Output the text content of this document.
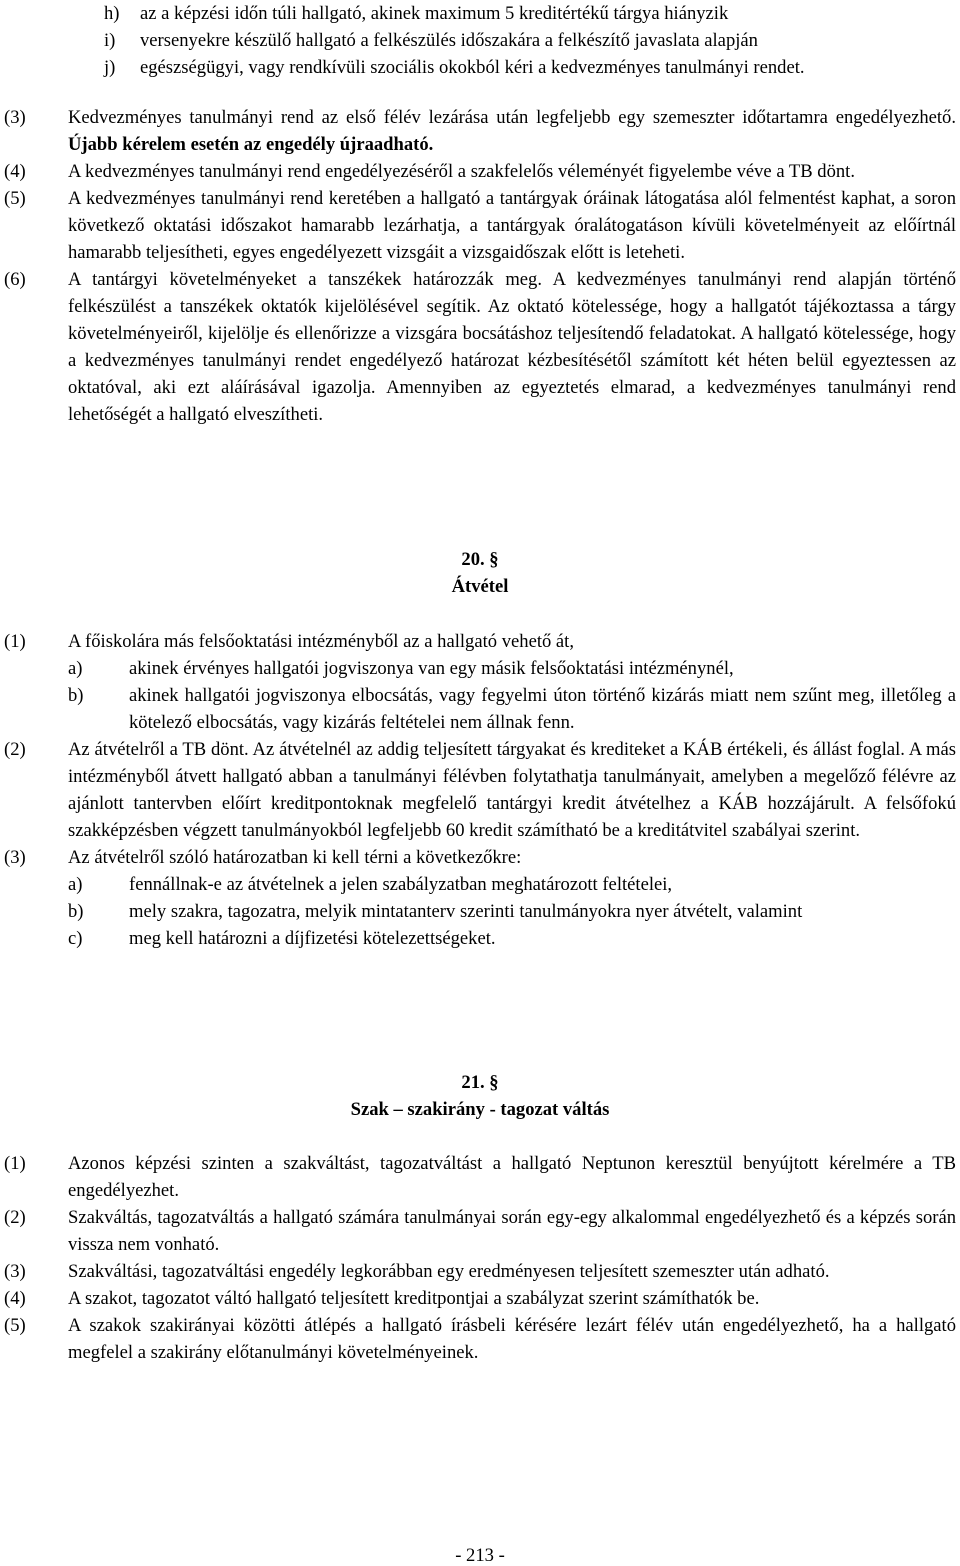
h) az a képzési időn túli hallgató, akinek maximum 5 kreditértékű tárgya hiányzik
i) versenyekre készülő hallgató a felkészülés időszakára a felkészítő javaslata alapján
j) egészségügyi, vagy rendkívüli szociális okokból kéri a kedvezményes tanulmányi rendet.
(3) Kedvezményes tanulmányi rend az első félév lezárása után legfeljebb egy szemeszter időtartamra engedélyezhető. Újabb kérelem esetén az engedély újraadható.
(4) A kedvezményes tanulmányi rend engedélyezéséről a szakfelelős véleményét figyelembe véve a TB dönt.
(5) A kedvezményes tanulmányi rend keretében a hallgató a tantárgyak óráinak látogatása alól felmentést kaphat, a soron következő oktatási időszakot hamarabb lezárhatja, a tantárgyak óralátogatáson kívüli követelményeit az előírtnál hamarabb teljesítheti, egyes engedélyezett vizsgáit a vizsgaidőszak előtt is leteheti.
(6) A tantárgyi követelményeket a tanszékek határozzák meg. A kedvezményes tanulmányi rend alapján történő felkészülést a tanszékek oktatók kijelölésével segítik. Az oktató kötelessége, hogy a hallgatót tájékoztassa a tárgy követelményeiről, kijelölje és ellenőrizze a vizsgára bocsátáshoz teljesítendő feladatokat. A hallgató kötelessége, hogy a kedvezményes tanulmányi rendet engedélyező határozat kézbesítésétől számított két héten belül egyeztessen az oktatóval, aki ezt aláírásával igazolja. Amennyiben az egyeztetés elmarad, a kedvezményes tanulmányi rend lehetőségét a hallgató elveszítheti.
20. §
Átvétel
(1) A főiskolára más felsőoktatási intézményből az a hallgató vehető át,
a)	akinek érvényes hallgatói jogviszonya van egy másik felsőoktatási intézménynél,
b) akinek hallgatói jogviszonya elbocsátás, vagy fegyelmi úton történő kizárás miatt nem szűnt meg, illetőleg a kötelező elbocsátás, vagy kizárás feltételei nem állnak fenn.
(2) Az átvételről a TB dönt. Az átvételnél az addig teljesített tárgyakat és krediteket a KÁB értékeli, és állást foglal. A más intézményből átvett hallgató abban a tanulmányi félévben folytathatja tanulmányait, amelyben a megelőző félévre az ajánlott tantervben előírt kreditpontoknak megfelelő tantárgyi kredit átvételhez a KÁB hozzájárult. A felsőfokú szakképzésben végzett tanulmányokból legfeljebb 60 kredit számítható be a kreditátvitel szabályai szerint.
(3) Az átvételről szóló határozatban ki kell térni a következőkre:
a)	fennállnak-e az átvételnek a jelen szabályzatban meghatározott feltételei,
b) mely szakra, tagozatra, melyik mintatanterv szerinti tanulmányokra nyer átvételt, valamint
c)	meg kell határozni a díjfizetési kötelezettségeket.
21. §
Szak – szakirány - tagozat váltás
(1) Azonos képzési szinten a szakváltást, tagozatváltást a hallgató Neptunon keresztül benyújtott kérelmére a TB engedélyezhet.
(2) Szakváltás, tagozatváltás a hallgató számára tanulmányai során egy-egy alkalommal engedélyezhető és a képzés során vissza nem vonható.
(3) Szakváltási, tagozatváltási engedély legkorábban egy eredményesen teljesített szemeszter után adható.
(4) A szakot, tagozatot váltó hallgató teljesített kreditpontjai a szabályzat szerint számíthatók be.
(5) A szakok szakirányai közötti átlépés a hallgató írásbeli kérésére lezárt félév után engedélyezhető, ha a hallgató megfelel a szakirány előtanulmányi követelményeinek.
- 213 -
